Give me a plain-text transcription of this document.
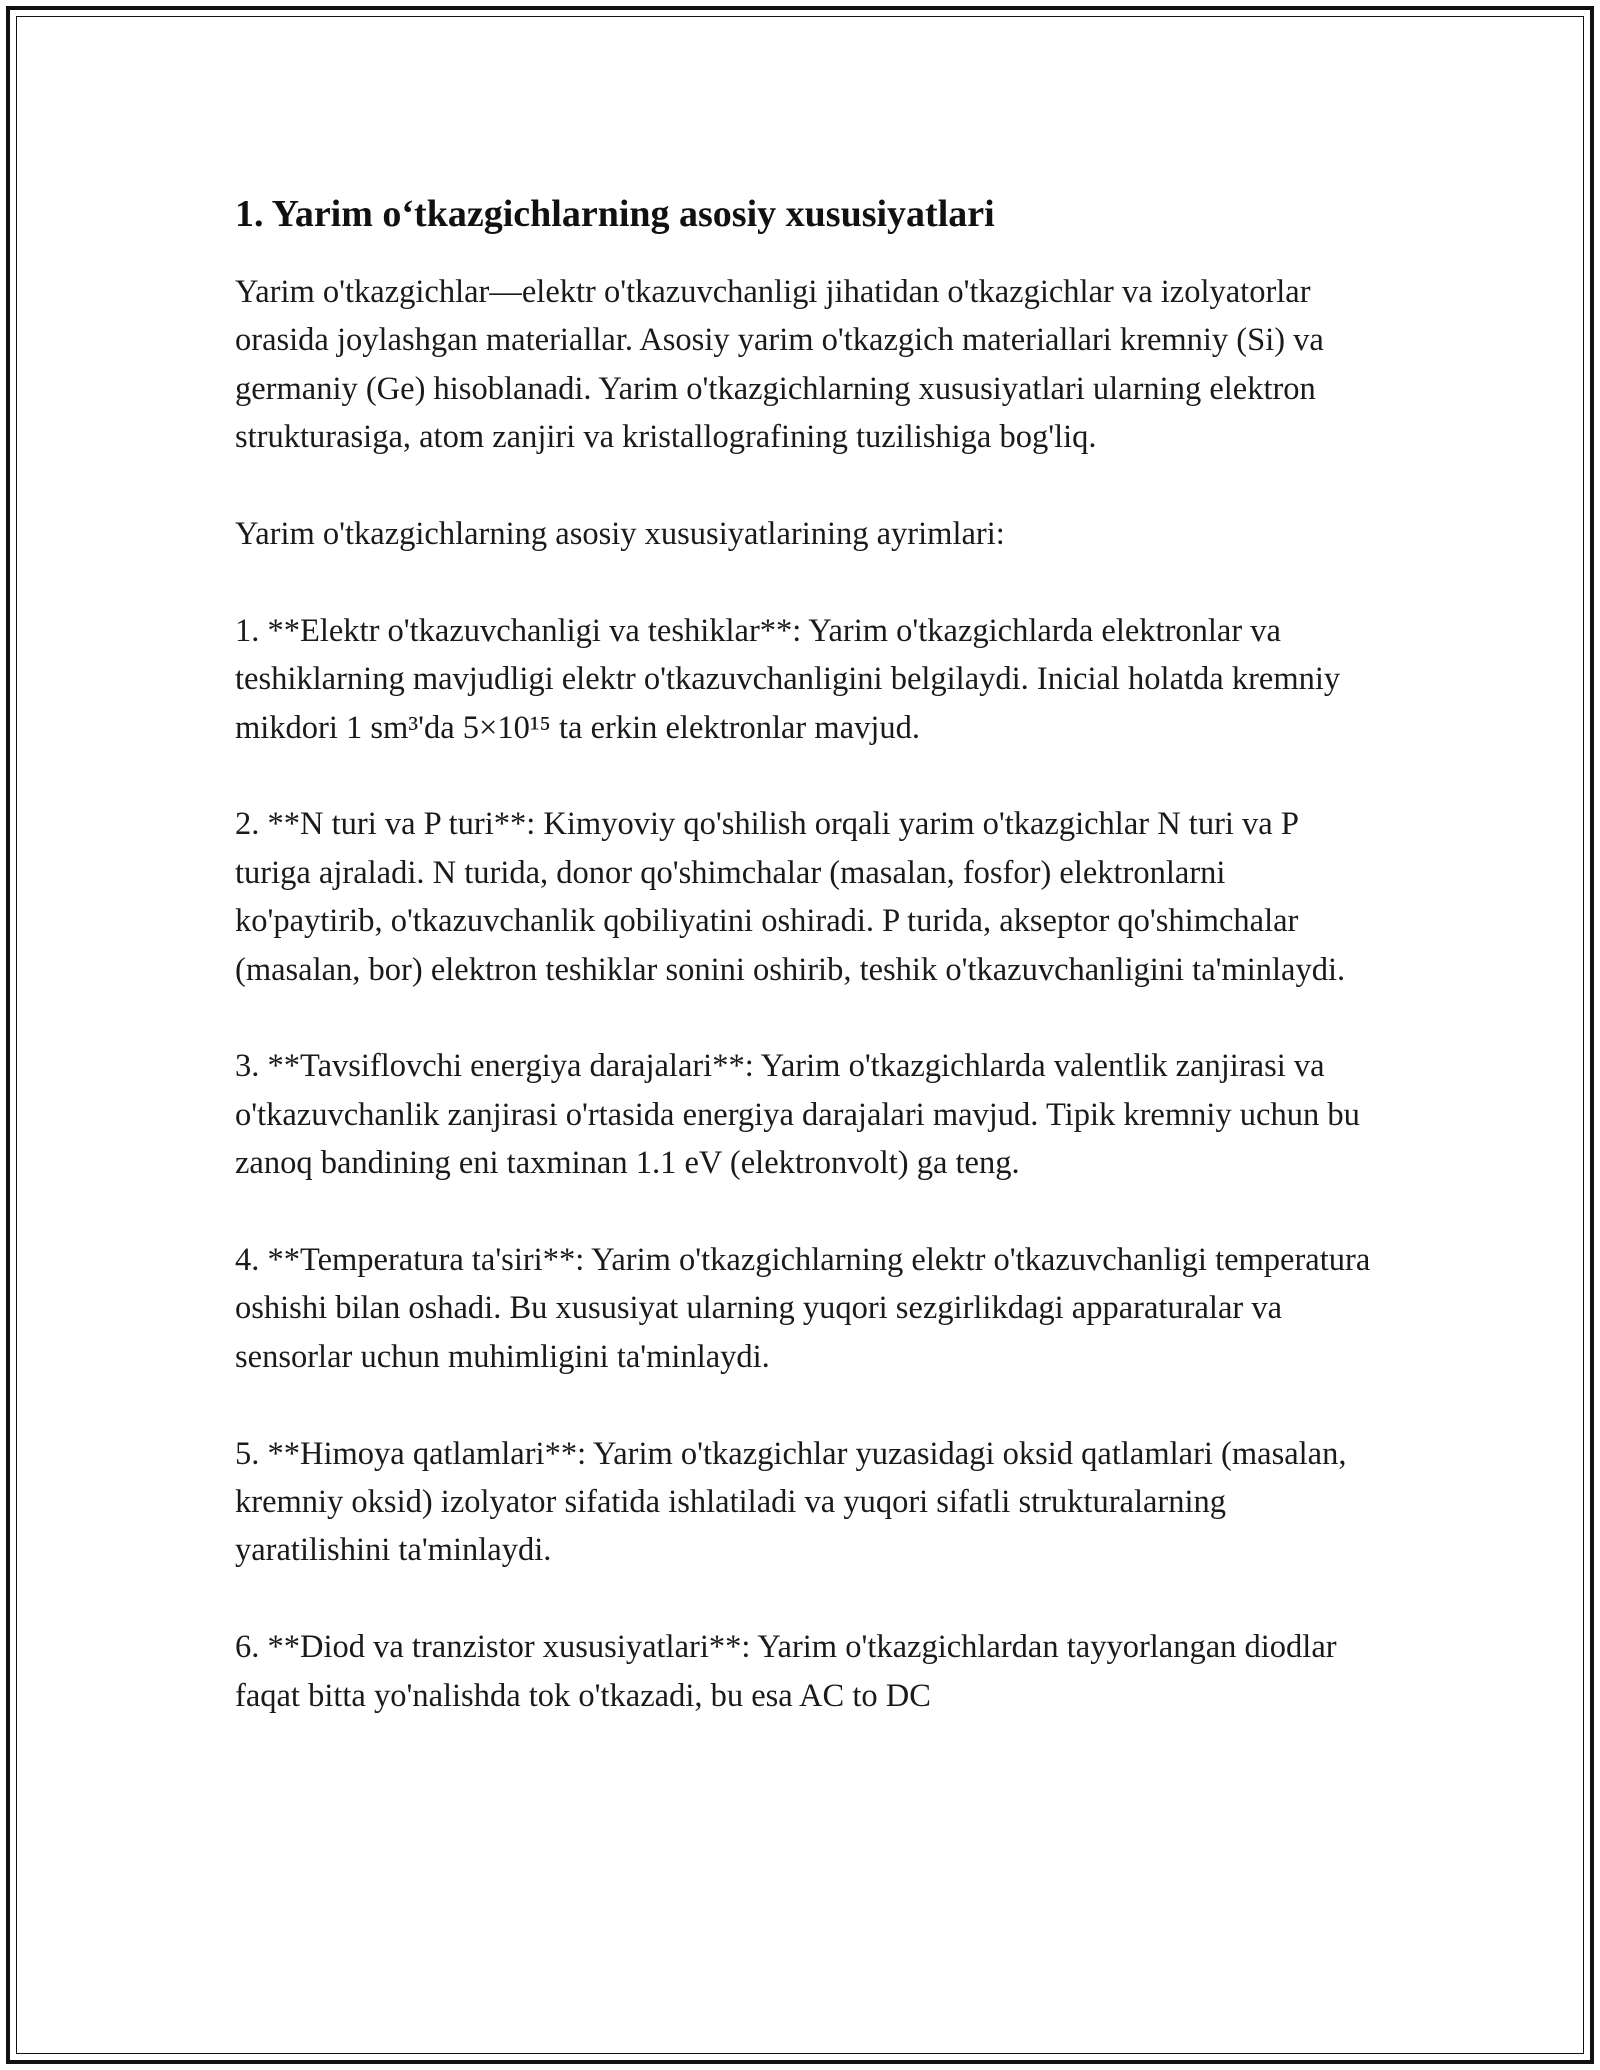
1. Yarim o‘tkazgichlarning asosiy xususiyatlari

Yarim o'tkazgichlar—elektr o'tkazuvchanligi jihatidan o'tkazgichlar va izolyatorlar orasida joylashgan materiallar. Asosiy yarim o'tkazgich materiallari kremniy (Si) va germaniy (Ge) hisoblanadi. Yarim o'tkazgichlarning xususiyatlari ularning elektron strukturasiga, atom zanjiri va kristallografining tuzilishiga bog'liq.

Yarim o'tkazgichlarning asosiy xususiyatlarining ayrimlari:

1. **Elektr o'tkazuvchanligi va teshiklar**: Yarim o'tkazgichlarda elektronlar va teshiklarning mavjudligi elektr o'tkazuvchanligini belgilaydi. Inicial holatda kremniy mikdori 1 sm³'da 5×10¹⁵ ta erkin elektronlar mavjud.

2. **N turi va P turi**: Kimyoviy qo'shilish orqali yarim o'tkazgichlar N turi va P turiga ajraladi. N turida, donor qo'shimchalar (masalan, fosfor) elektronlarni ko'paytirib, o'tkazuvchanlik qobiliyatini oshiradi. P turida, akseptor qo'shimchalar (masalan, bor) elektron teshiklar sonini oshirib, teshik o'tkazuvchanligini ta'minlaydi.

3. **Tavsiflovchi energiya darajalari**: Yarim o'tkazgichlarda valentlik zanjirasi va o'tkazuvchanlik zanjirasi o'rtasida energiya darajalari mavjud. Tipik kremniy uchun bu zanoq bandining eni taxminan 1.1 eV (elektronvolt) ga teng.

4. **Temperatura ta'siri**: Yarim o'tkazgichlarning elektr o'tkazuvchanligi temperatura oshishi bilan oshadi. Bu xususiyat ularning yuqori sezgirlikdagi apparaturalar va sensorlar uchun muhimligini ta'minlaydi.

5. **Himoya qatlamlari**: Yarim o'tkazgichlar yuzasidagi oksid qatlamlari (masalan, kremniy oksid) izolyator sifatida ishlatiladi va yuqori sifatli strukturalarning yaratilishini ta'minlaydi.

6. **Diod va tranzistor xususiyatlari**: Yarim o'tkazgichlardan tayyorlangan diodlar faqat bitta yo'nalishda tok o'tkazadi, bu esa AC to DC
